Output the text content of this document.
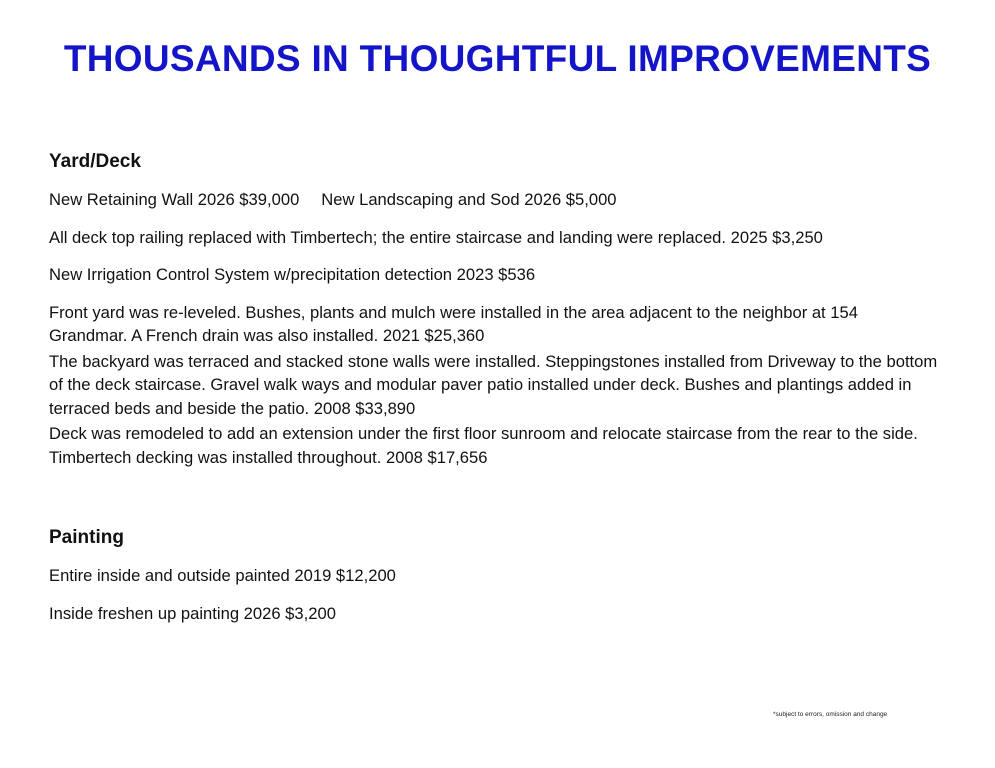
THOUSANDS IN THOUGHTFUL IMPROVEMENTS

Yard/Deck

New Retaining Wall 2026 $39,000 New Landscaping and Sod 2026 $5,000

All deck top railing replaced with Timbertech; the entire staircase and landing were replaced. 2025 $3,250

New Irrigation Control System w/precipitation detection 2023 $536

Front yard was re-leveled. Bushes, plants and mulch were installed in the area adjacent to the neighbor at 154 Grandmar. A French drain was also installed. 2021 $25,360

The backyard was terraced and stacked stone walls were installed. Steppingstones installed from Driveway to the bottom of the deck staircase. Gravel walk ways and modular paver patio installed under deck. Bushes and plantings added in terraced beds and beside the patio. 2008 $33,890

Deck was remodeled to add an extension under the first floor sunroom and relocate staircase from the rear to the side. Timbertech decking was installed throughout. 2008 $17,656

Painting

Entire inside and outside painted 2019 $12,200

Inside freshen up painting 2026 $3,200

*subject to errors, omission and change
